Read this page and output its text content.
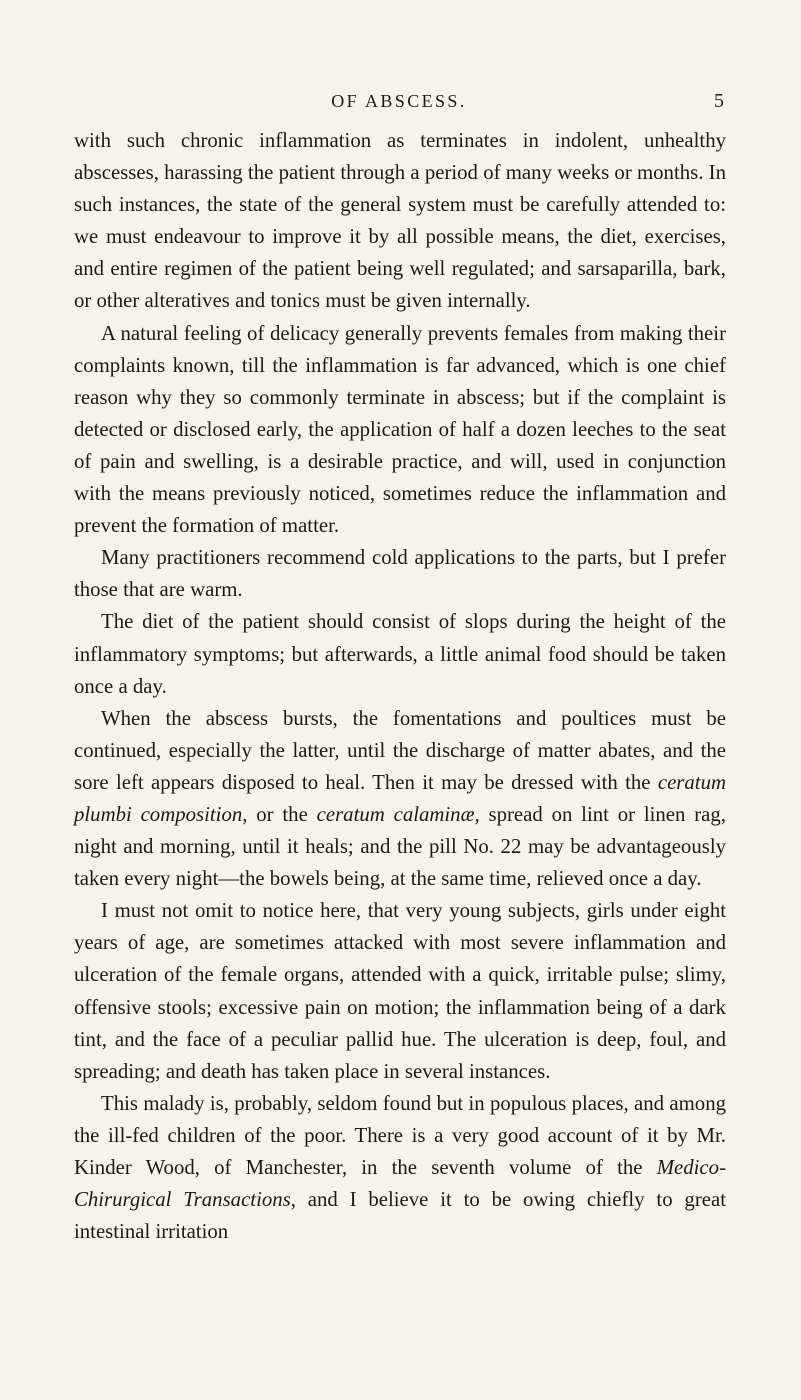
OF ABSCESS.	5

with such chronic inflammation as terminates in indolent, unhealthy abscesses, harassing the patient through a period of many weeks or months. In such instances, the state of the general system must be carefully attended to: we must endeavour to improve it by all possible means, the diet, exercises, and entire regimen of the patient being well regulated; and sarsaparilla, bark, or other alteratives and tonics must be given internally.

A natural feeling of delicacy generally prevents females from making their complaints known, till the inflammation is far advanced, which is one chief reason why they so commonly terminate in abscess; but if the complaint is detected or disclosed early, the application of half a dozen leeches to the seat of pain and swelling, is a desirable practice, and will, used in conjunction with the means previously noticed, sometimes reduce the inflammation and prevent the formation of matter.

Many practitioners recommend cold applications to the parts, but I prefer those that are warm.

The diet of the patient should consist of slops during the height of the inflammatory symptoms; but afterwards, a little animal food should be taken once a day.

When the abscess bursts, the fomentations and poultices must be continued, especially the latter, until the discharge of matter abates, and the sore left appears disposed to heal. Then it may be dressed with the ceratum plumbi composition, or the ceratum calaminæ, spread on lint or linen rag, night and morning, until it heals; and the pill No. 22 may be advantageously taken every night—the bowels being, at the same time, relieved once a day.

I must not omit to notice here, that very young subjects, girls under eight years of age, are sometimes attacked with most severe inflammation and ulceration of the female organs, attended with a quick, irritable pulse; slimy, offensive stools; excessive pain on motion; the inflammation being of a dark tint, and the face of a peculiar pallid hue. The ulceration is deep, foul, and spreading; and death has taken place in several instances.

This malady is, probably, seldom found but in populous places, and among the ill-fed children of the poor. There is a very good account of it by Mr. Kinder Wood, of Manchester, in the seventh volume of the Medico-Chirurgical Transactions, and I believe it to be owing chiefly to great intestinal irritation
